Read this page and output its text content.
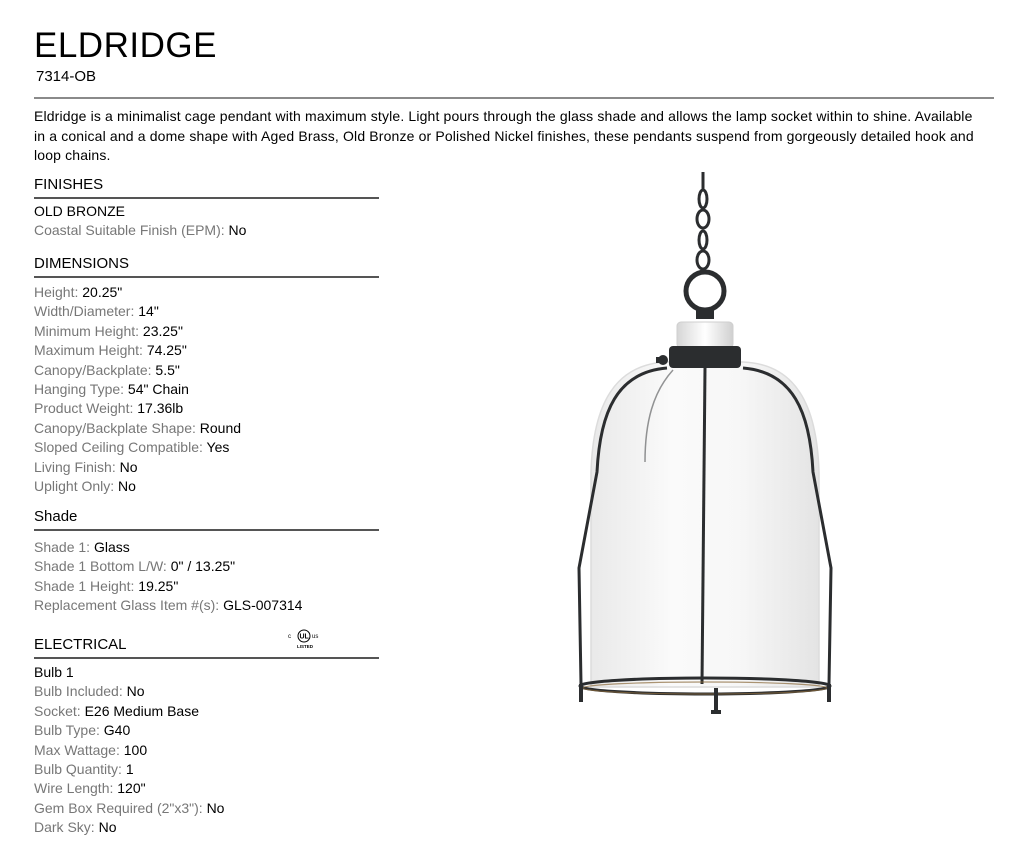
ELDRIDGE
7314-OB
Eldridge is a minimalist cage pendant with maximum style. Light pours through the glass shade and allows the lamp socket within to shine. Available in a conical and a dome shape with Aged Brass, Old Bronze or Polished Nickel finishes, these pendants suspend from gorgeously detailed hook and loop chains.
FINISHES
OLD BRONZE
Coastal Suitable Finish (EPM): No
DIMENSIONS
Height: 20.25"
Width/Diameter: 14"
Minimum Height: 23.25"
Maximum Height: 74.25"
Canopy/Backplate: 5.5"
Hanging Type: 54" Chain
Product Weight: 17.36lb
Canopy/Backplate Shape: Round
Sloped Ceiling Compatible: Yes
Living Finish: No
Uplight Only: No
Shade
Shade 1: Glass
Shade 1 Bottom L/W: 0" / 13.25"
Shade 1 Height: 19.25"
Replacement Glass Item #(s): GLS-007314
ELECTRICAL	c UL us
LISTED
Bulb 1
Bulb Included: No
Socket: E26 Medium Base
Bulb Type: G40
Max Wattage: 100
Bulb Quantity: 1
Wire Length: 120"
Gem Box Required (2"x3"): No
Dark Sky: No
